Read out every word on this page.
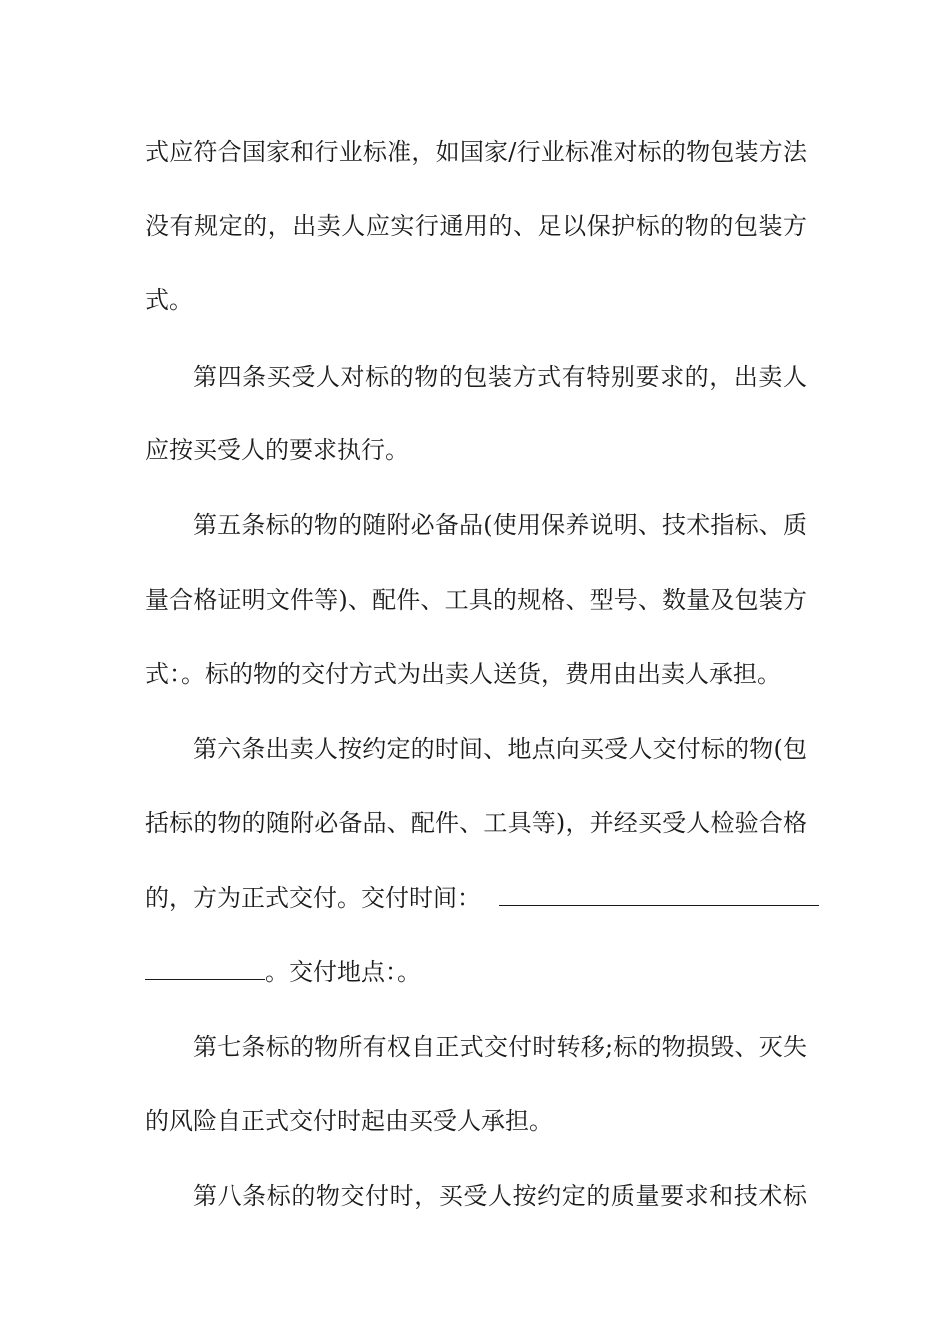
式应符合国家和行业标准，如国家/行业标准对标的物包装方法
没有规定的，出卖人应实行通用的、足以保护标的物的包装方
式。
第四条买受人对标的物的包装方式有特别要求的，出卖人
应按买受人的要求执行。
第五条标的物的随附必备品(使用保养说明、技术指标、质
量合格证明文件等)、配件、工具的规格、型号、数量及包装方
式：。标的物的交付方式为出卖人送货，费用由出卖人承担。
第六条出卖人按约定的时间、地点向买受人交付标的物(包
括标的物的随附必备品、配件、工具等)，并经买受人检验合格
的，方为正式交付。交付时间：
。交付地点：。
第七条标的物所有权自正式交付时转移;标的物损毁、灭失
的风险自正式交付时起由买受人承担。
第八条标的物交付时，买受人按约定的质量要求和技术标
